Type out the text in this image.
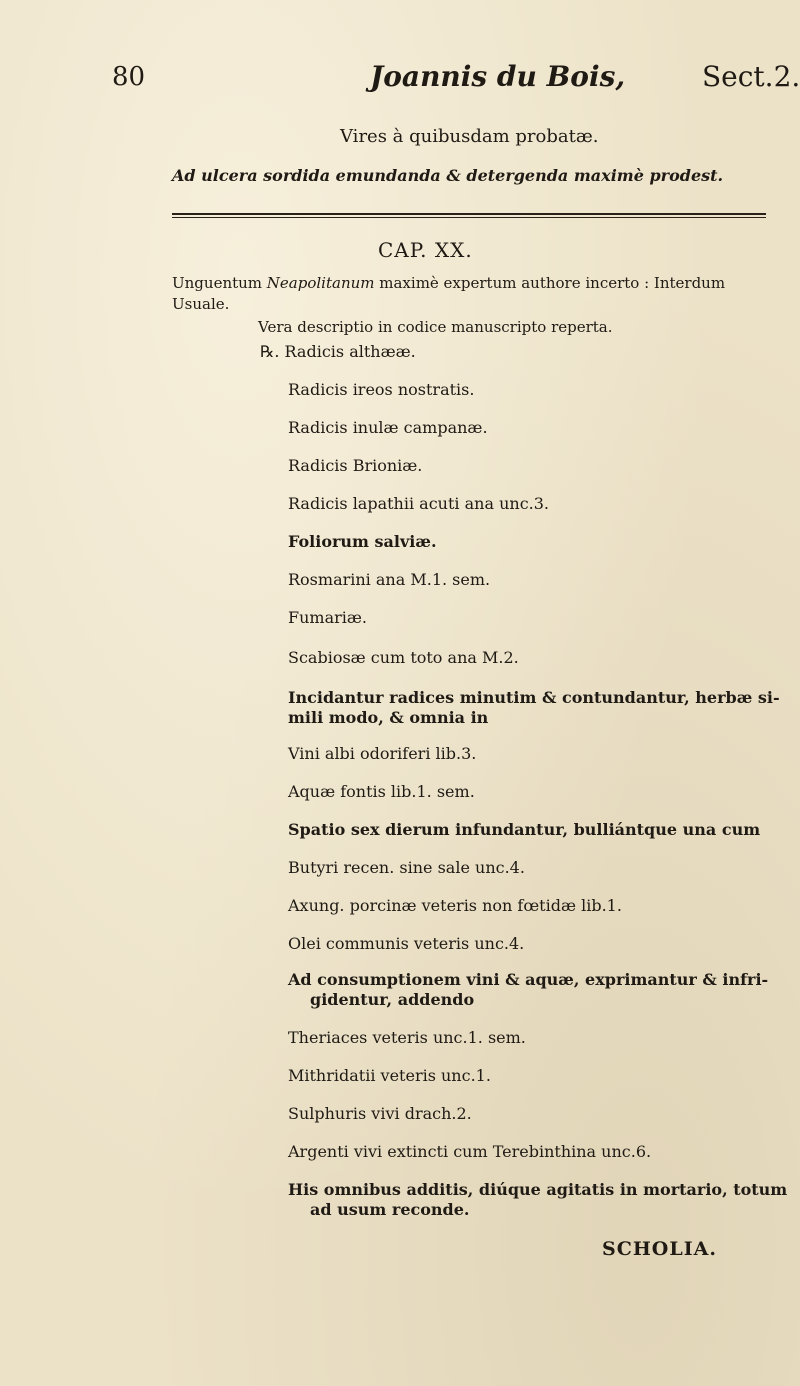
80	Joannis du Bois,	Sect.2.
Vires à quibusdam probatæ.
Ad ulcera sordida emundanda & detergenda maximè prodest.
CAP. XX.
Unguentum Neapolitanum maximè expertum authore incerto : Interdum
Usuale.
Vera descriptio in codice manuscripto reperta.
℞. Radicis althææ.
Radicis ireos nostratis.
Radicis inulæ campanæ.
Radicis Brioniæ.
Radicis lapathii acuti ana unc.3.
Foliorum salviæ.
Rosmarini ana M.1. sem.
Fumariæ.
Scabiosæ cum toto ana M.2.
Incidantur radices minutim & contundantur, herbæ si-
mili modo, & omnia in
Vini albi odoriferi lib.3.
Aquæ fontis lib.1. sem.
Spatio sex dierum infundantur, bulliántque una cum
Butyri recen. sine sale unc.4.
Axung. porcinæ veteris non fœtidæ lib.1.
Olei communis veteris unc.4.
Ad consumptionem vini & aquæ, exprimantur & infri-
gidentur, addendo
Theriaces veteris unc.1. sem.
Mithridatii veteris unc.1.
Sulphuris vivi drach.2.
Argenti vivi extincti cum Terebinthina unc.6.
His omnibus additis, diúque agitatis in mortario, totum
ad usum reconde.
SCHOLIA.
